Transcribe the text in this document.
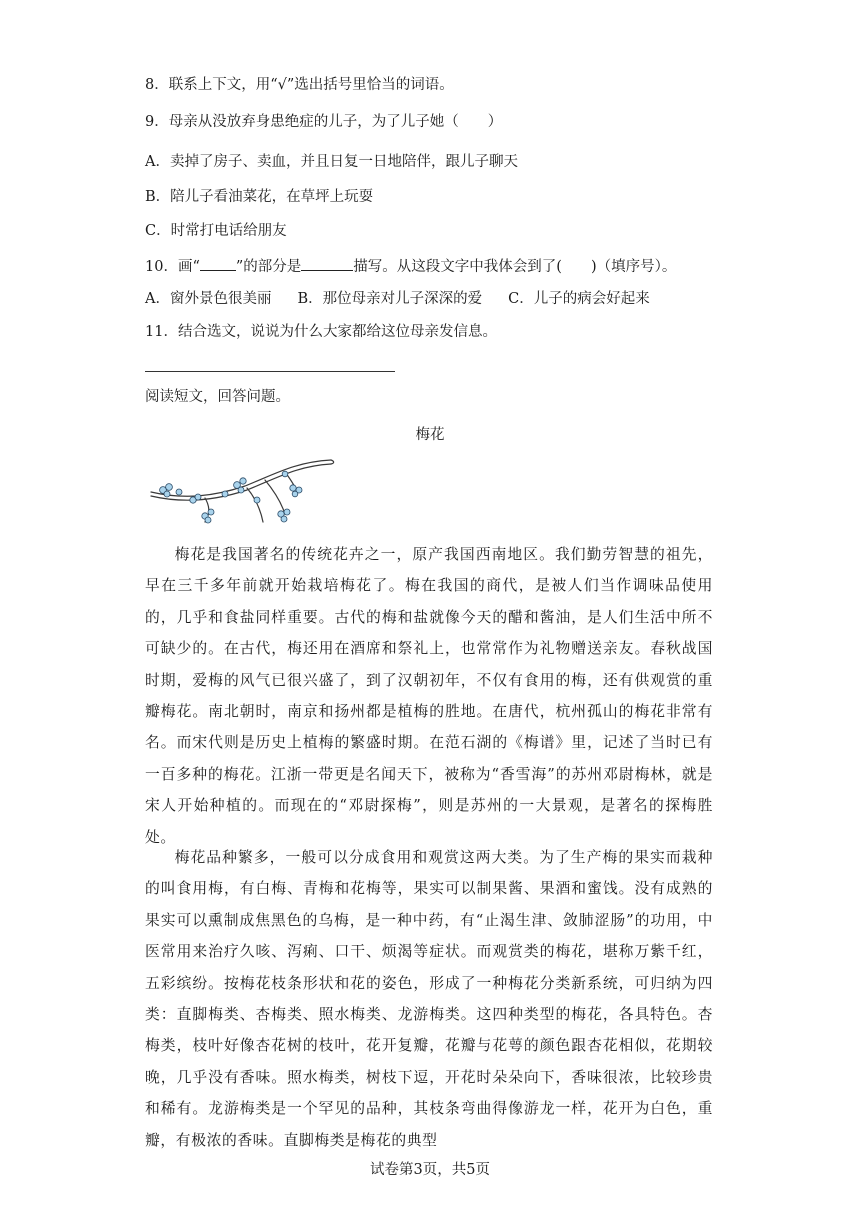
8．联系上下文，用“√”选出括号里恰当的词语。
9．母亲从没放弃身患绝症的儿子，为了儿子她（　　）
A．卖掉了房子、卖血，并且日复一日地陪伴，跟儿子聊天
B．陪儿子看油菜花，在草坪上玩耍
C．时常打电话给朋友
10．画“ ”的部分是	描写。从这段文字中我体会到了(　　)（填序号）。
A．窗外景色很美丽 B．那位母亲对儿子深深的爱 C．儿子的病会好起来
11．结合选文，说说为什么大家都给这位母亲发信息。
阅读短文，回答问题。
梅花
梅花是我国著名的传统花卉之一，原产我国西南地区。我们勤劳智慧的祖先，早在三千多年前就开始栽培梅花了。梅在我国的商代，是被人们当作调味品使用的，几乎和食盐同样重要。古代的梅和盐就像今天的醋和酱油，是人们生活中所不可缺少的。在古代，梅还用在酒席和祭礼上，也常常作为礼物赠送亲友。春秋战国时期，爱梅的风气已很兴盛了，到了汉朝初年，不仅有食用的梅，还有供观赏的重瓣梅花。南北朝时，南京和扬州都是植梅的胜地。在唐代，杭州孤山的梅花非常有名。而宋代则是历史上植梅的繁盛时期。在范石湖的《梅谱》里，记述了当时已有一百多种的梅花。江浙一带更是名闻天下，被称为“香雪海”的苏州邓尉梅林，就是宋人开始种植的。而现在的“邓尉探梅”，则是苏州的一大景观，是著名的探梅胜处。
梅花品种繁多，一般可以分成食用和观赏这两大类。为了生产梅的果实而栽种的叫食用梅，有白梅、青梅和花梅等，果实可以制果酱、果酒和蜜饯。没有成熟的果实可以熏制成焦黑色的乌梅，是一种中药，有“止渴生津、敛肺涩肠”的功用，中医常用来治疗久咳、泻痢、口干、烦渴等症状。而观赏类的梅花，堪称万紫千红，五彩缤纷。按梅花枝条形状和花的姿色，形成了一种梅花分类新系统，可归纳为四类：直脚梅类、杏梅类、照水梅类、龙游梅类。这四种类型的梅花，各具特色。杏梅类，枝叶好像杏花树的枝叶，花开复瓣，花瓣与花萼的颜色跟杏花相似，花期较晚，几乎没有香味。照水梅类，树枝下逗，开花时朵朵向下，香味很浓，比较珍贵和稀有。龙游梅类是一个罕见的品种，其枝条弯曲得像游龙一样，花开为白色，重瓣，有极浓的香味。直脚梅类是梅花的典型
试卷第3页，共5页
